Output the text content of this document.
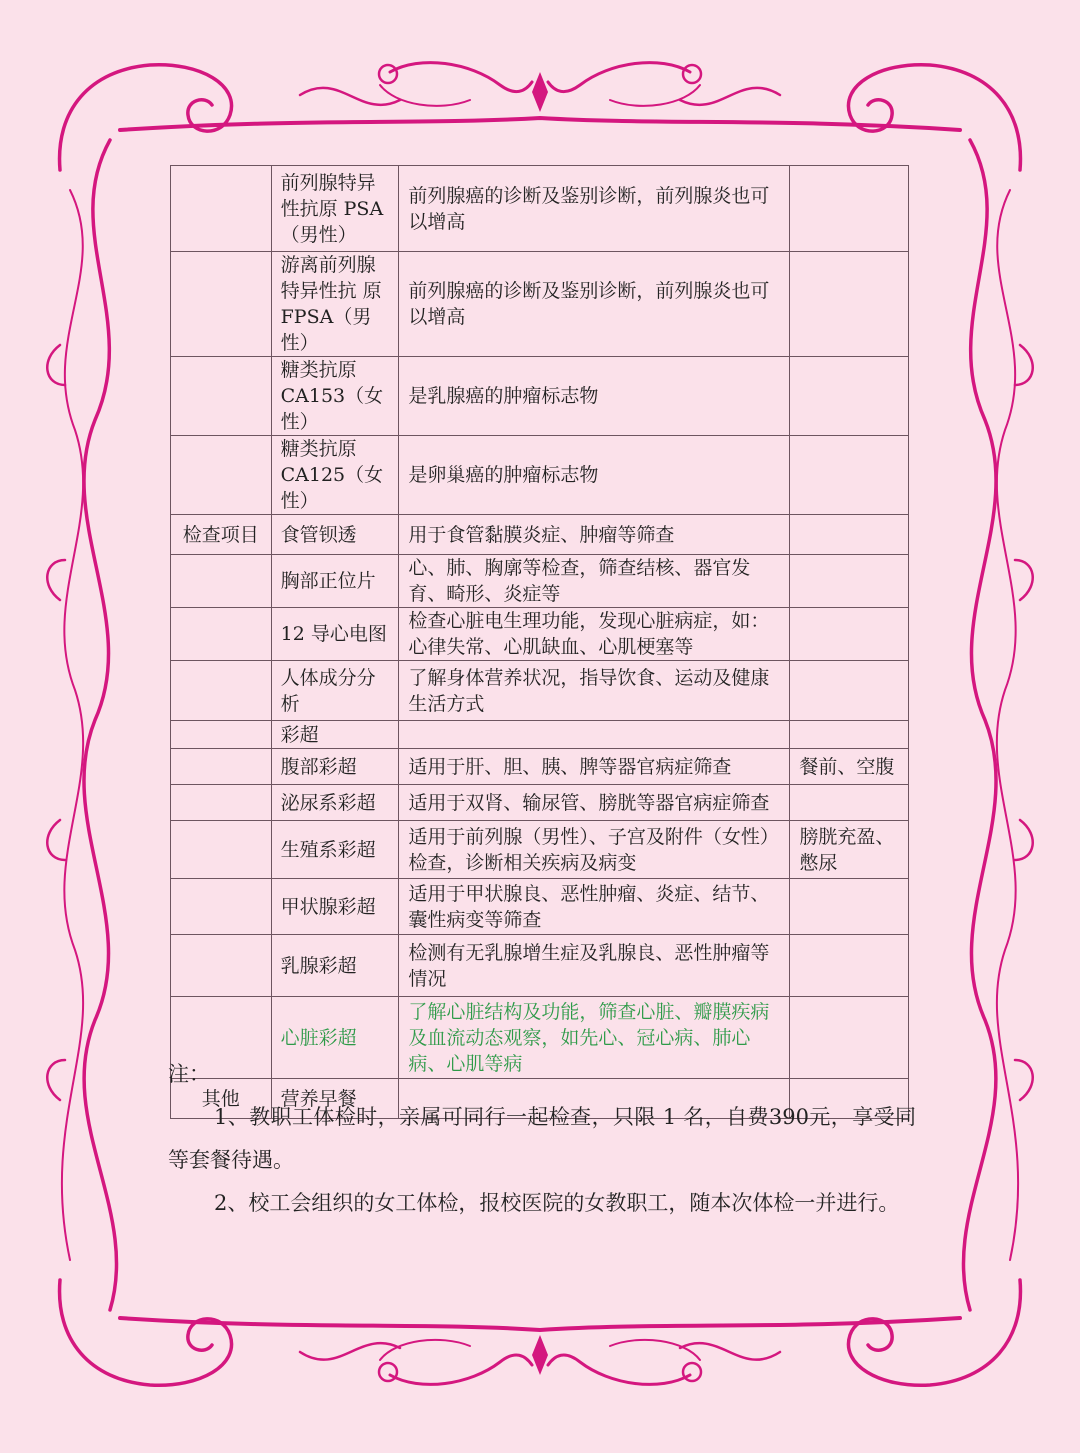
	前列腺特异性抗原 PSA（男性）	前列腺癌的诊断及鉴别诊断，前列腺炎也可以增高	
	游离前列腺特异性抗 原FPSA（男性）	前列腺癌的诊断及鉴别诊断，前列腺炎也可以增高	
	糖类抗原CA153（女性）	是乳腺癌的肿瘤标志物	
	糖类抗原CA125（女性）	是卵巢癌的肿瘤标志物	
检查项目	食管钡透	用于食管黏膜炎症、肿瘤等筛查	
	胸部正位片	心、肺、胸廓等检查，筛查结核、器官发育、畸形、炎症等	
	12 导心电图	检查心脏电生理功能，发现心脏病症，如：心律失常、心肌缺血、心肌梗塞等	
	人体成分分析	了解身体营养状况，指导饮食、运动及健康生活方式	
	彩超		
	腹部彩超	适用于肝、胆、胰、脾等器官病症筛查	餐前、空腹
	泌尿系彩超	适用于双肾、输尿管、膀胱等器官病症筛查	
	生殖系彩超	适用于前列腺（男性）、子宫及附件（女性）检查，诊断相关疾病及病变	膀胱充盈、憋尿
	甲状腺彩超	适用于甲状腺良、恶性肿瘤、炎症、结节、囊性病变等筛查	
	乳腺彩超	检测有无乳腺增生症及乳腺良、恶性肿瘤等情况	
	心脏彩超	了解心脏结构及功能，筛查心脏、瓣膜疾病及血流动态观察，如先心、冠心病、肺心病、心肌等病	
其他	营养早餐		

注：

1、教职工体检时，亲属可同行一起检查，只限 1 名，自费390元，享受同等套餐待遇。

2、校工会组织的女工体检，报校医院的女教职工，随本次体检一并进行。
